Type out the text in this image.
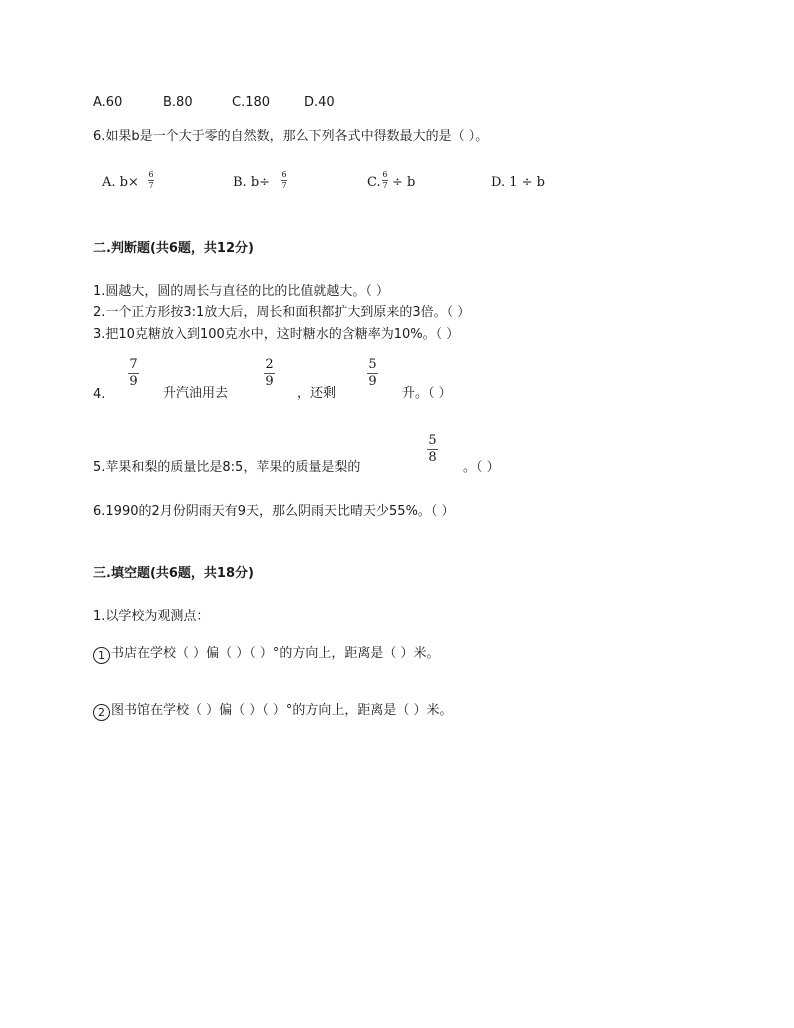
A.60	B.80	C.180	D.40
6.如果b是一个大于零的自然数，那么下列各式中得数最大的是（ ）。
A. b×
6
7	B. b÷
6
7	C.
6
7 ÷ b	D. 1 ÷ b
二.判断题(共6题，共12分)
1.圆越大，圆的周长与直径的比的比值就越大。（ ）
2.一个正方形按3:1放大后，周长和面积都扩大到原来的3倍。（ ）
3.把10克糖放入到100克水中，这时糖水的含糖率为10%。（ ）
4.
7
9
升汽油用去
2
9
，还剩
5
9
升。（ ）
5.苹果和梨的质量比是8:5，苹果的质量是梨的
5
8
。（ ）
6.1990的2月份阴雨天有9天，那么阴雨天比晴天少55%。（ ）
三.填空题(共6题，共18分)
1.以学校为观测点：
1 书店在学校（ ）偏（ ）（ ）°的方向上，距离是（ ）米。
2 图书馆在学校（ ）偏（ ）（ ）°的方向上，距离是（ ）米。
